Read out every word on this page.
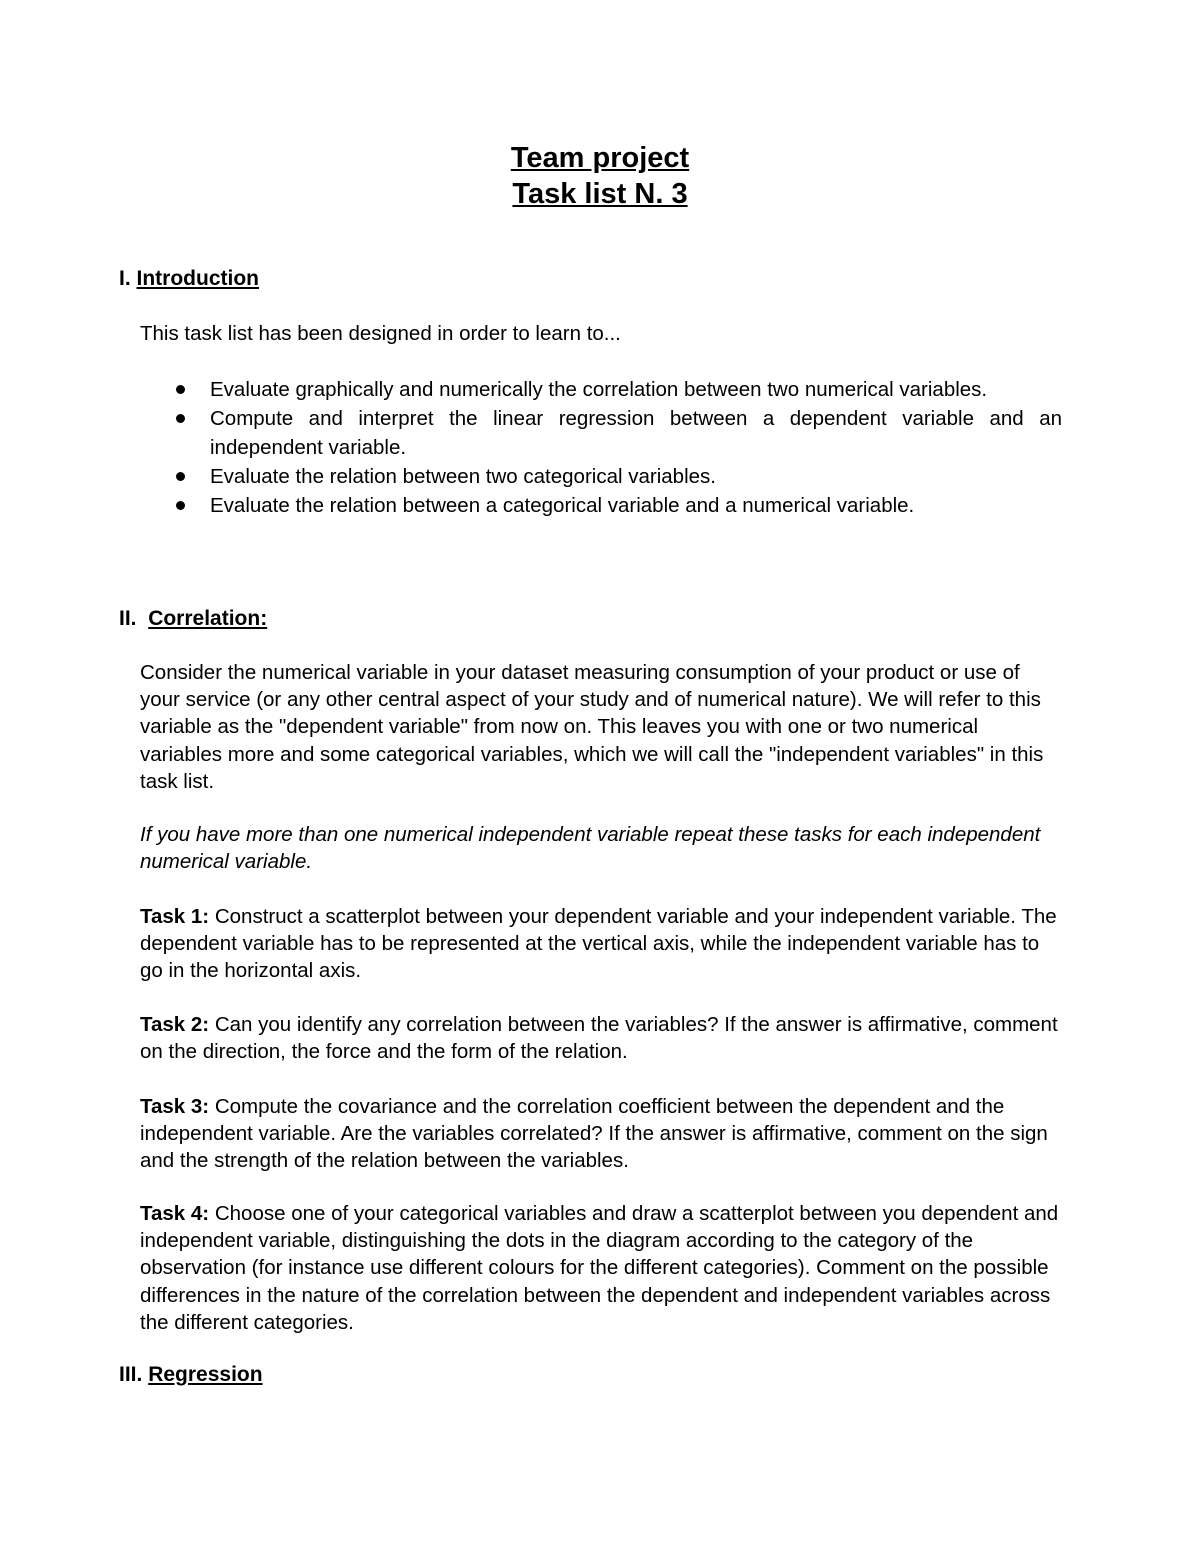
Team project
Task list N. 3
I. Introduction
This task list has been designed in order to learn to...
Evaluate graphically and numerically the correlation between two numerical variables.
Compute and interpret the linear regression between a dependent variable and an independent variable.
Evaluate the relation between two categorical variables.
Evaluate the relation between a categorical variable and a numerical variable.
II. Correlation:
Consider the numerical variable in your dataset measuring consumption of your product or use of your service (or any other central aspect of your study and of numerical nature). We will refer to this variable as the "dependent variable" from now on. This leaves you with one or two numerical variables more and some categorical variables, which we will call the "independent variables" in this task list.
If you have more than one numerical independent variable repeat these tasks for each independent numerical variable.
Task 1: Construct a scatterplot between your dependent variable and your independent variable. The dependent variable has to be represented at the vertical axis, while the independent variable has to go in the horizontal axis.
Task 2: Can you identify any correlation between the variables? If the answer is affirmative, comment on the direction, the force and the form of the relation.
Task 3: Compute the covariance and the correlation coefficient between the dependent and the independent variable. Are the variables correlated? If the answer is affirmative, comment on the sign and the strength of the relation between the variables.
Task 4: Choose one of your categorical variables and draw a scatterplot between you dependent and independent variable, distinguishing the dots in the diagram according to the category of the observation (for instance use different colours for the different categories). Comment on the possible differences in the nature of the correlation between the dependent and independent variables across the different categories.
III. Regression
